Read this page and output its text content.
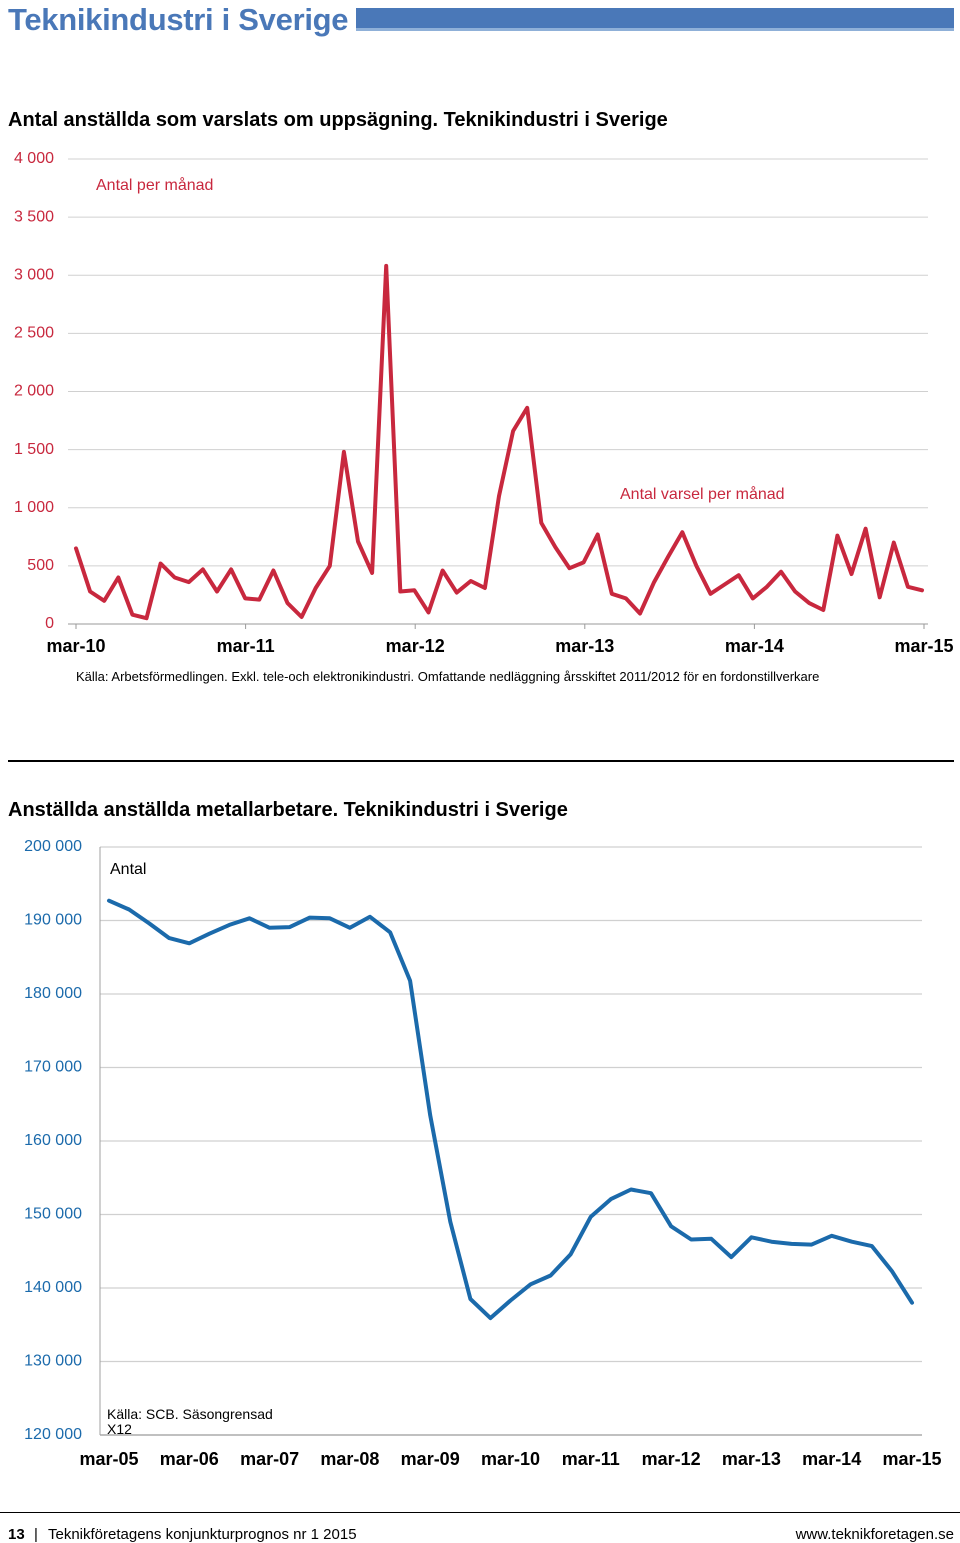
Teknikindustri i Sverige
Antal anställda som varslats om uppsägning. Teknikindustri i Sverige
0
500
1 000
1 500
2 000
2 500
3 000
3 500
4 000
mar-10	mar-11	mar-12	mar-13	mar-14	mar-15
Antal per månad
Antal varsel per månad
Källa: Arbetsförmedlingen. Exkl. tele-och elektronikindustri. Omfattande nedläggning årsskiftet 2011/2012 för en fordonstillverkare
Anställda anställda metallarbetare. Teknikindustri i Sverige
120 000
130 000
140 000
150 000
160 000
170 000
180 000
190 000
200 000
mar-05 mar-06 mar-07 mar-08 mar-09 mar-10 mar-11 mar-12 mar-13 mar-14 mar-15
Antal
Källa: SCB. Säsongrensad
X12
13 | Teknikföretagens konjunkturprognos nr 1 2015	www.teknikforetagen.se
